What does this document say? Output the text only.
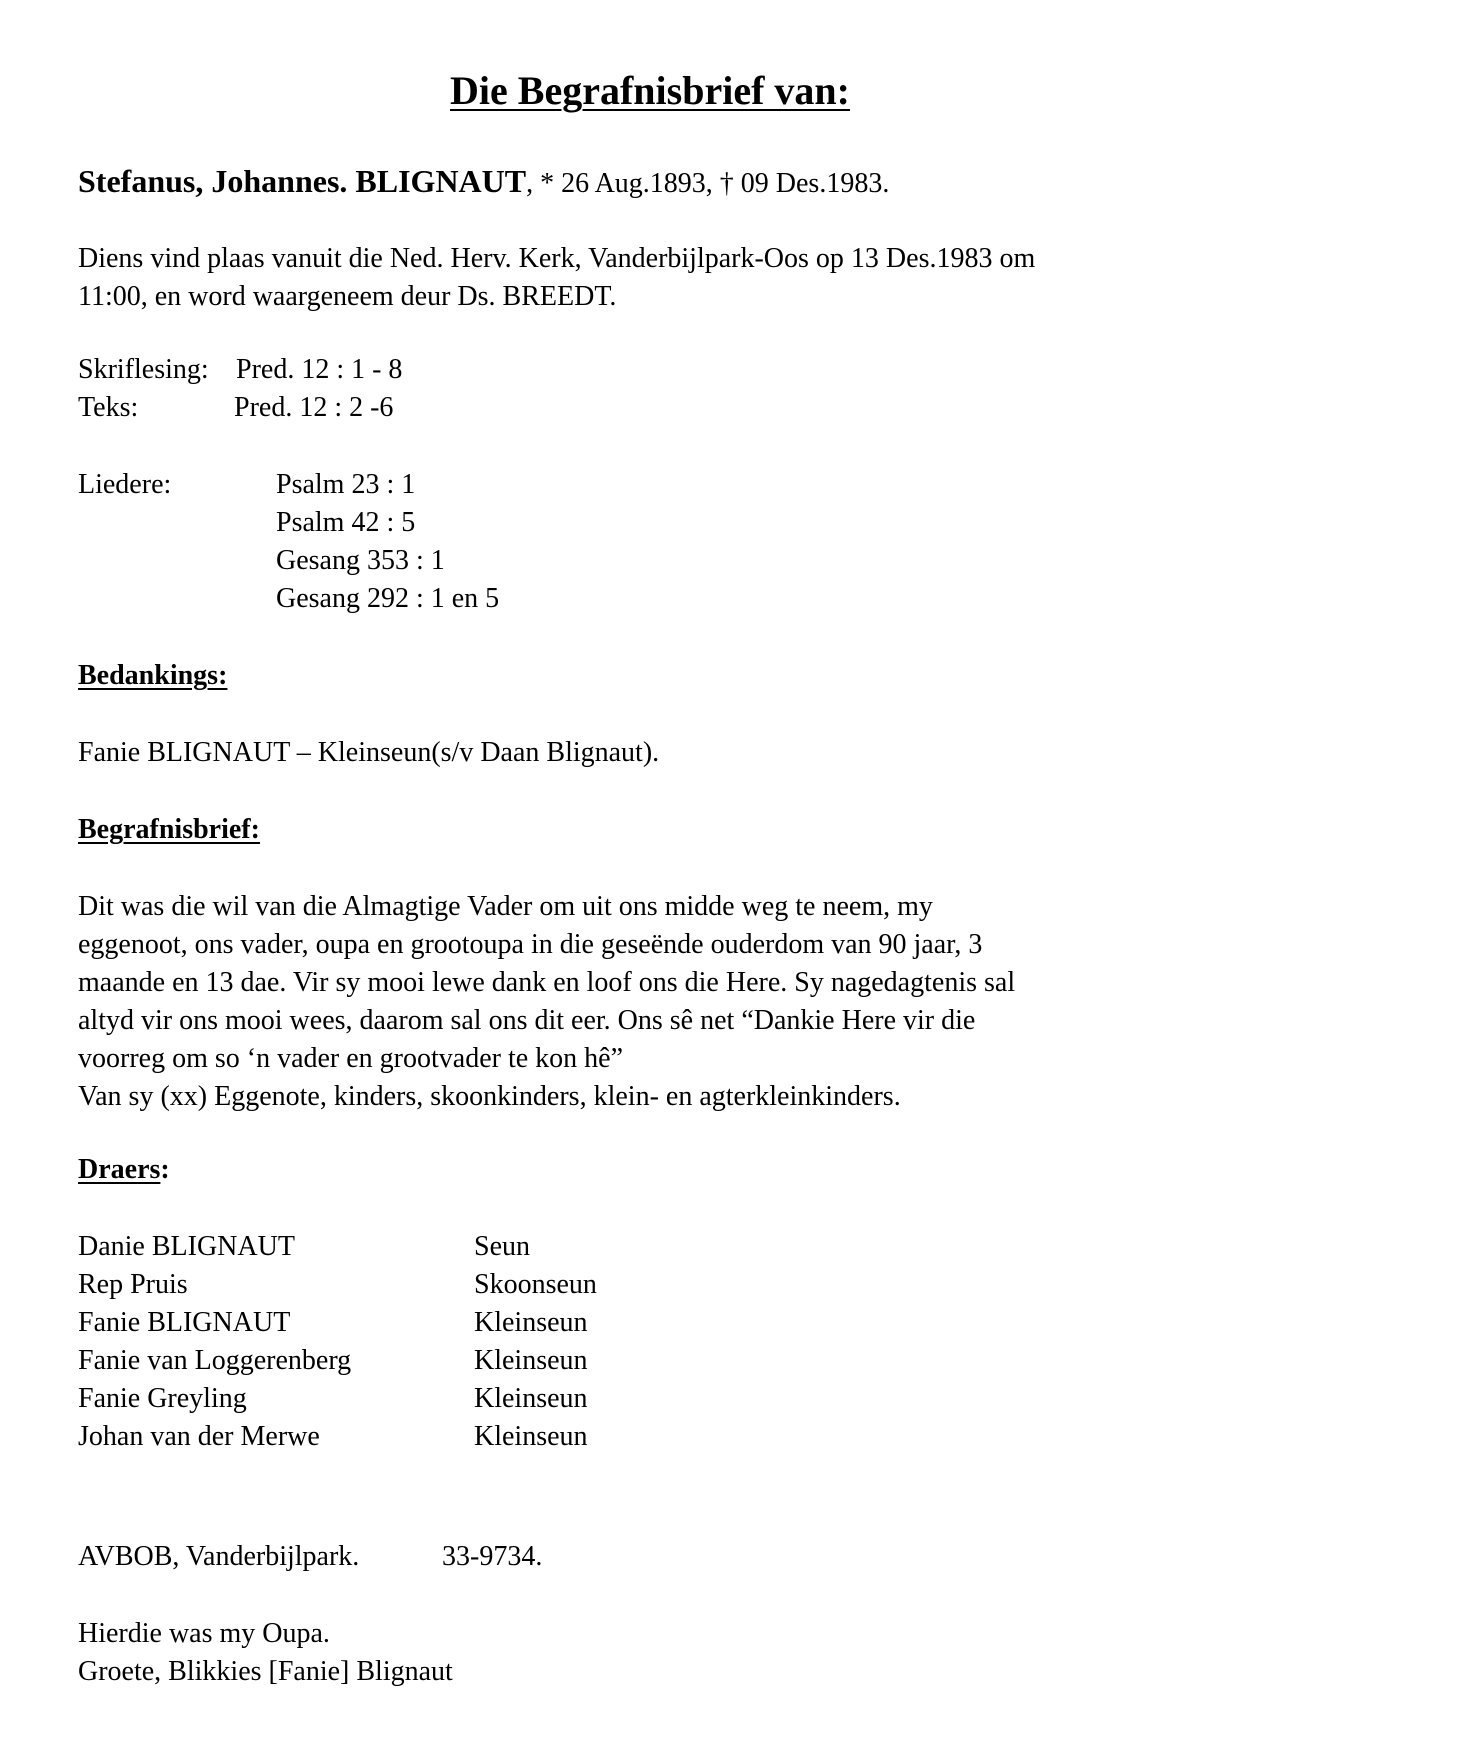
Die Begrafnisbrief van:
Stefanus, Johannes. BLIGNAUT, * 26 Aug.1893, † 09 Des.1983.
Diens vind plaas vanuit die Ned. Herv. Kerk, Vanderbijlpark-Oos op 13 Des.1983 om
11:00, en word waargeneem deur Ds. BREEDT.
Skriflesing: Pred. 12 : 1 - 8
Teks:	Pred. 12 : 2 -6
Liedere:	Psalm 23 : 1
Psalm 42 : 5
Gesang 353 : 1
Gesang 292 : 1 en 5
Bedankings:
Fanie BLIGNAUT – Kleinseun(s/v Daan Blignaut).
Begrafnisbrief:
Dit was die wil van die Almagtige Vader om uit ons midde weg te neem, my
eggenoot, ons vader, oupa en grootoupa in die geseënde ouderdom van 90 jaar, 3
maande en 13 dae. Vir sy mooi lewe dank en loof ons die Here. Sy nagedagtenis sal
altyd vir ons mooi wees, daarom sal ons dit eer. Ons sê net “Dankie Here vir die
voorreg om so ‘n vader en grootvader te kon hê”
Van sy (xx) Eggenote, kinders, skoonkinders, klein- en agterkleinkinders.
Draers:
Danie BLIGNAUT	Seun
Rep Pruis	Skoonseun
Fanie BLIGNAUT	Kleinseun
Fanie van Loggerenberg	Kleinseun
Fanie Greyling	Kleinseun
Johan van der Merwe	Kleinseun
AVBOB, Vanderbijlpark.	33-9734.
Hierdie was my Oupa.
Groete, Blikkies [Fanie] Blignaut
